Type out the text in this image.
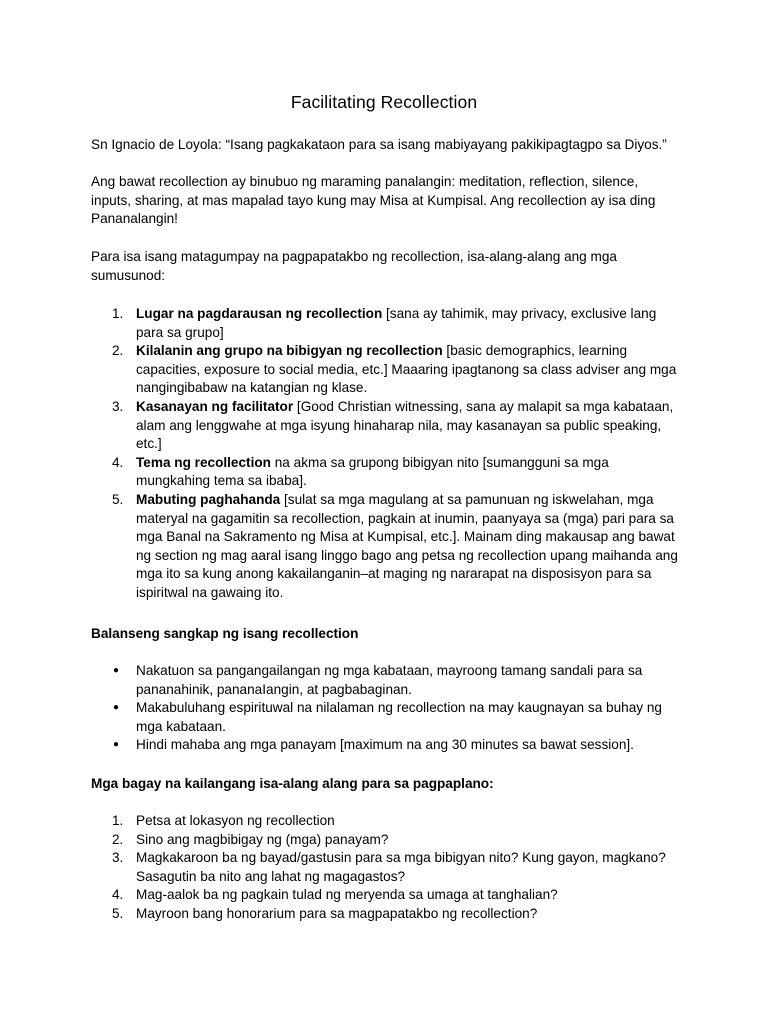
Facilitating Recollection

Sn Ignacio de Loyola: “Isang pagkakataon para sa isang mabiyayang pakikipagtagpo sa Diyos.”

Ang bawat recollection ay binubuo ng maraming panalangin: meditation, reflection, silence, inputs, sharing, at mas mapalad tayo kung may Misa at Kumpisal. Ang recollection ay isa ding Pananalangin!

Para isa isang matagumpay na pagpapatakbo ng recollection, isa-alang-alang ang mga sumusunod:

1. Lugar na pagdarausan ng recollection [sana ay tahimik, may privacy, exclusive lang para sa grupo]
2. Kilalanin ang grupo na bibigyan ng recollection [basic demographics, learning capacities, exposure to social media, etc.] Maaaring ipagtanong sa class adviser ang mga nangingibabaw na katangian ng klase.
3. Kasanayan ng facilitator [Good Christian witnessing, sana ay malapit sa mga kabataan, alam ang lenggwahe at mga isyung hinaharap nila, may kasanayan sa public speaking, etc.]
4. Tema ng recollection na akma sa grupong bibigyan nito [sumangguni sa mga mungkahing tema sa ibaba].
5. Mabuting paghahanda [sulat sa mga magulang at sa pamunuan ng iskwelahan, mga materyal na gagamitin sa recollection, pagkain at inumin, paanyaya sa (mga) pari para sa mga Banal na Sakramento ng Misa at Kumpisal, etc.]. Mainam ding makausap ang bawat ng section ng mag aaral isang linggo bago ang petsa ng recollection upang maihanda ang mga ito sa kung anong kakailanganin–at maging ng nararapat na disposisyon para sa ispiritwal na gawaing ito.

Balanseng sangkap ng isang recollection

● Nakatuon sa pangangailangan ng mga kabataan, mayroong tamang sandali para sa pananahinik, pananaIangin, at pagbabaginan.
● Makabuluhang espirituwal na nilalaman ng recollection na may kaugnayan sa buhay ng mga kabataan.
● Hindi mahaba ang mga panayam [maximum na ang 30 minutes sa bawat session].

Mga bagay na kailangang isa-alang alang para sa pagpaplano:

1. Petsa at lokasyon ng recollection
2. Sino ang magbibigay ng (mga) panayam?
3. Magkakaroon ba ng bayad/gastusin para sa mga bibigyan nito? Kung gayon, magkano? Sasagutin ba nito ang lahat ng magagastos?
4. Mag-aalok ba ng pagkain tulad ng meryenda sa umaga at tanghalian?
5. Mayroon bang honorarium para sa magpapatakbo ng recollection?
